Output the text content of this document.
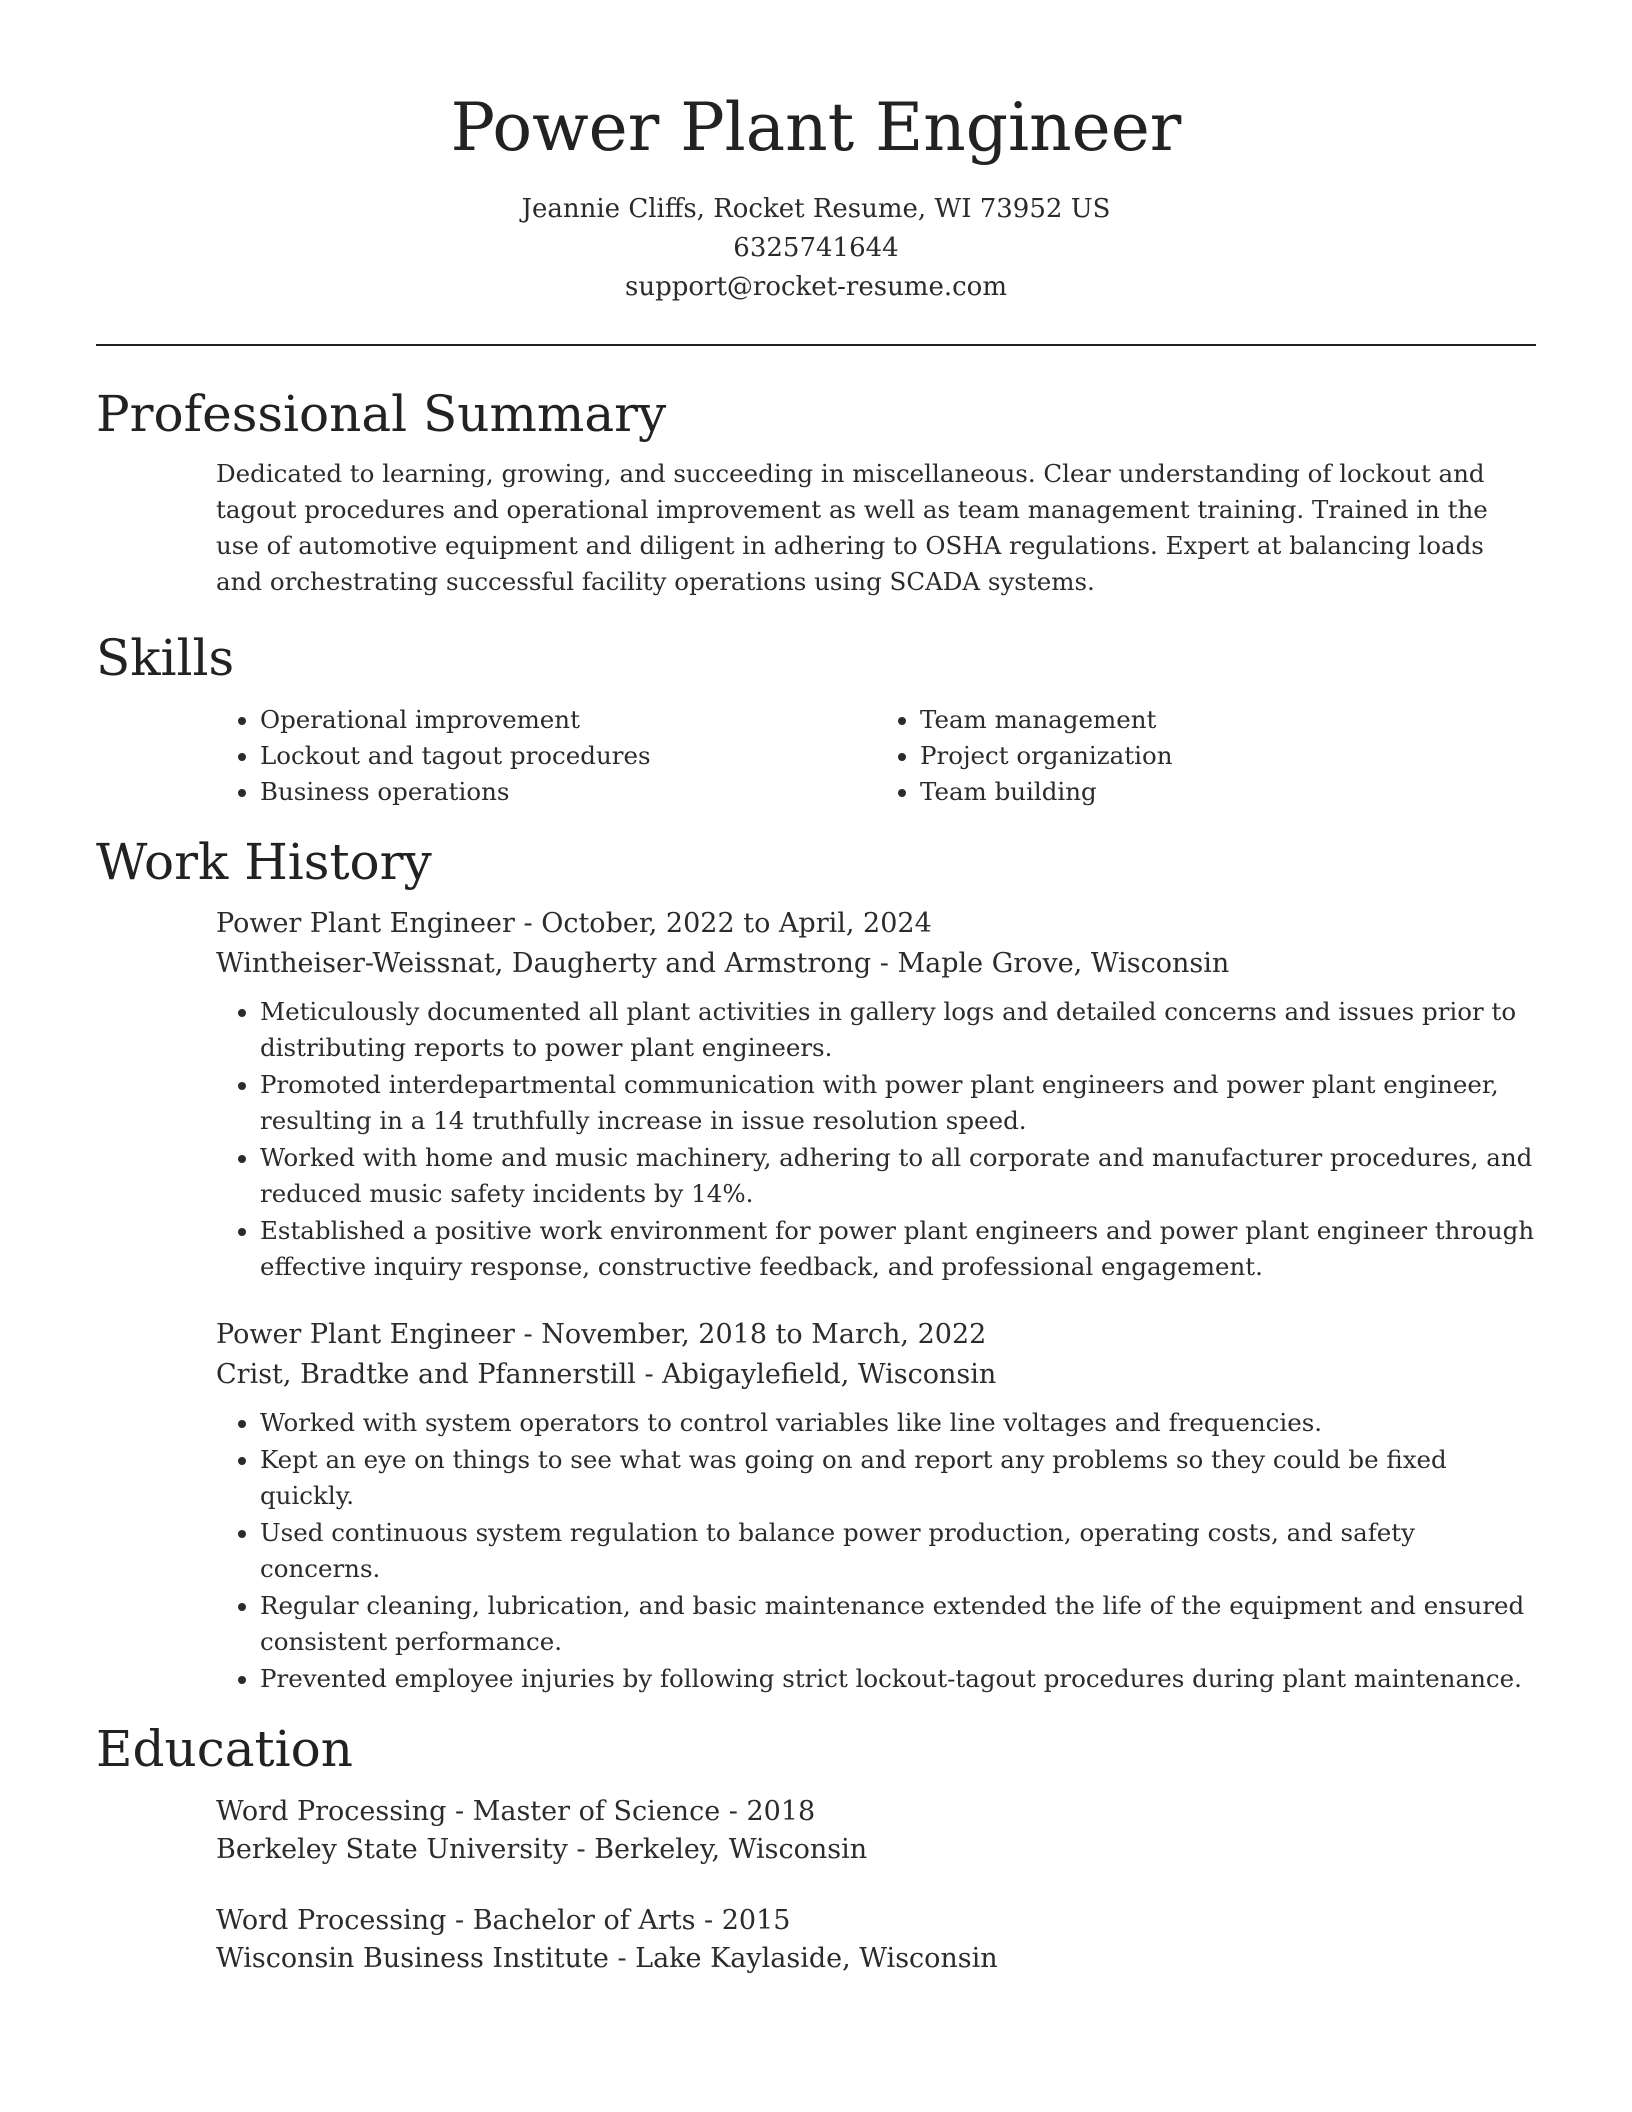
Power Plant Engineer
Jeannie Cliffs, Rocket Resume, WI 73952 US
6325741644
support@rocket-resume.com
Professional Summary

Dedicated to learning, growing, and succeeding in miscellaneous. Clear understanding of lockout and tagout procedures and operational improvement as well as team management training. Trained in the use of automotive equipment and diligent in adhering to OSHA regulations. Expert at balancing loads and orchestrating successful facility operations using SCADA systems.

Skills
• Operational improvement
• Lockout and tagout procedures
• Business operations
• Team management
• Project organization
• Team building
Work History
Power Plant Engineer - October, 2022 to April, 2024
Wintheiser-Weissnat, Daugherty and Armstrong - Maple Grove, Wisconsin
• Meticulously documented all plant activities in gallery logs and detailed concerns and issues prior to distributing reports to power plant engineers.
• Promoted interdepartmental communication with power plant engineers and power plant engineer, resulting in a 14 truthfully increase in issue resolution speed.
• Worked with home and music machinery, adhering to all corporate and manufacturer procedures, and reduced music safety incidents by 14%.
• Established a positive work environment for power plant engineers and power plant engineer through effective inquiry response, constructive feedback, and professional engagement.
Power Plant Engineer - November, 2018 to March, 2022
Crist, Bradtke and Pfannerstill - Abigaylefield, Wisconsin
• Worked with system operators to control variables like line voltages and frequencies.
• Kept an eye on things to see what was going on and report any problems so they could be fixed quickly.
• Used continuous system regulation to balance power production, operating costs, and safety concerns.
• Regular cleaning, lubrication, and basic maintenance extended the life of the equipment and ensured consistent performance.
• Prevented employee injuries by following strict lockout-tagout procedures during plant maintenance.
Education
Word Processing - Master of Science - 2018
Berkeley State University - Berkeley, Wisconsin
Word Processing - Bachelor of Arts - 2015
Wisconsin Business Institute - Lake Kaylaside, Wisconsin
